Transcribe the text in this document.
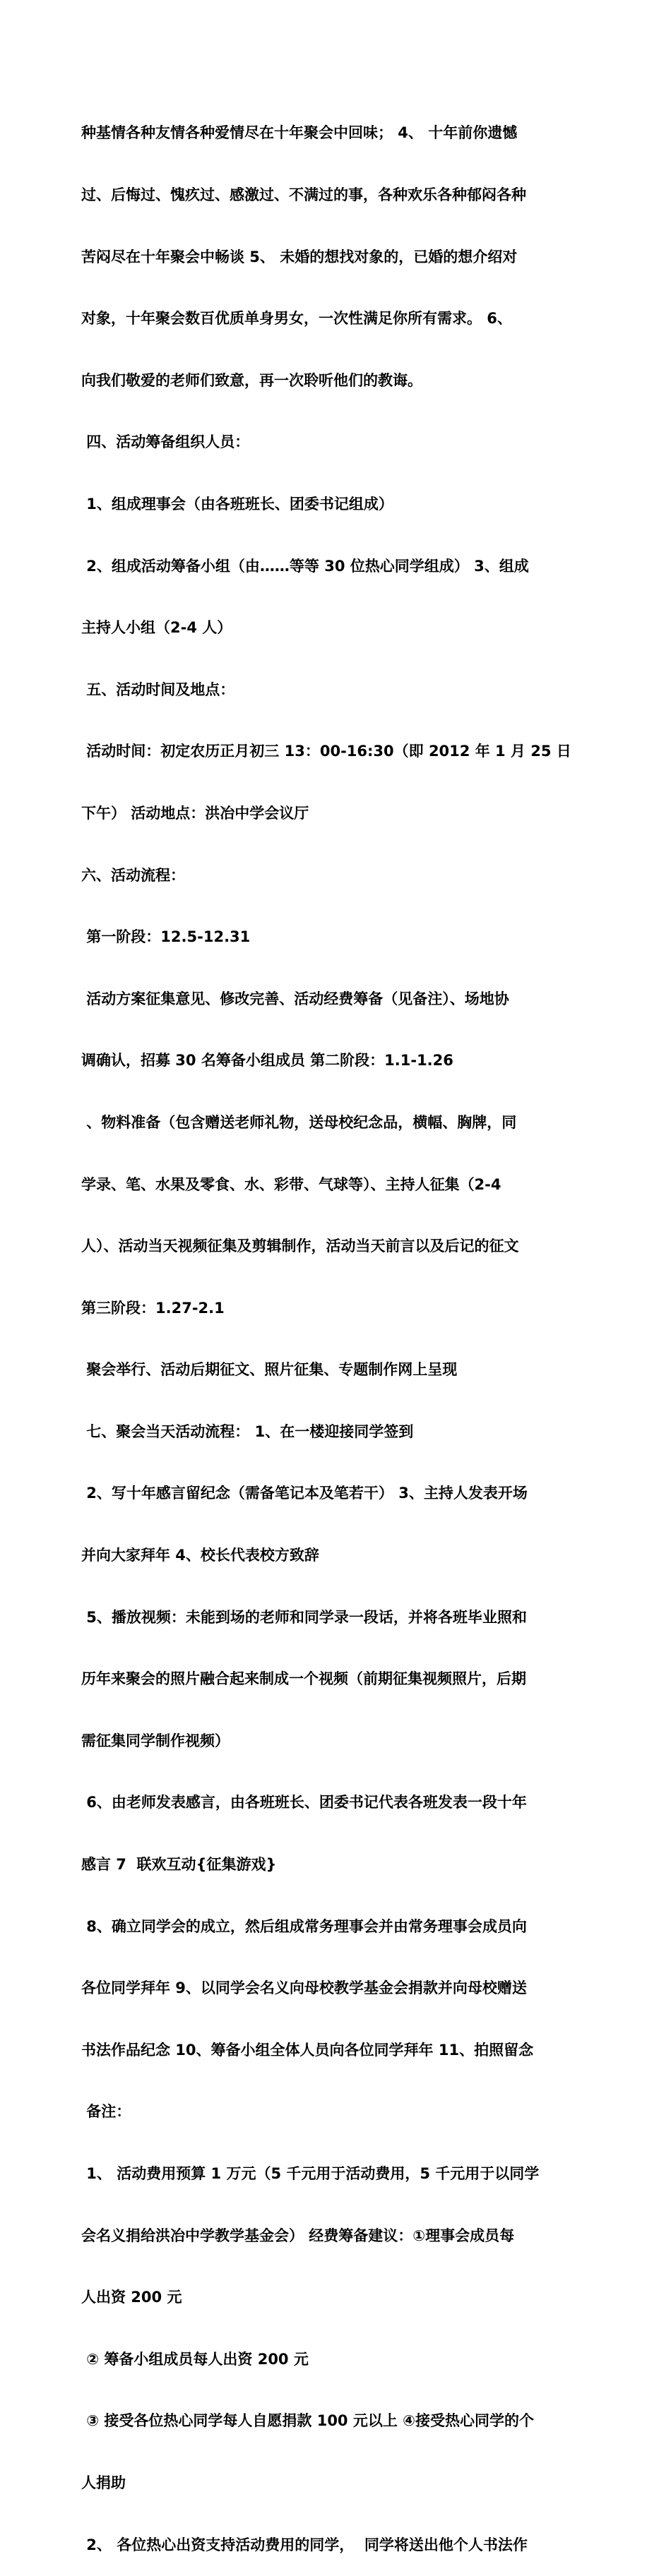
种基情各种友情各种爱情尽在十年聚会中回味； 4、 十年前你遗憾

过、后悔过、愧疚过、感激过、不满过的事，各种欢乐各种郁闷各种

苦闷尽在十年聚会中畅谈 5、 未婚的想找对象的，已婚的想介绍对

对象，十年聚会数百优质单身男女，一次性满足你所有需求。 6、

向我们敬爱的老师们致意，再一次聆听他们的教诲。

四、活动筹备组织人员：

1、组成理事会（由各班班长、团委书记组成）

2、组成活动筹备小组（由……等等 30 位热心同学组成） 3、组成

主持人小组（2-4 人）

五、活动时间及地点：

活动时间：初定农历正月初三 13：00-16:30（即 2012 年 1 月 25 日

下午） 活动地点：洪冶中学会议厅

六、活动流程：

第一阶段：12.5-12.31

活动方案征集意见、修改完善、活动经费筹备（见备注）、场地协

调确认，招募 30 名筹备小组成员 第二阶段：1.1-1.26

、物料准备（包含赠送老师礼物，送母校纪念品，横幅、胸牌，同

学录、笔、水果及零食、水、彩带、气球等）、主持人征集（2-4

人）、活动当天视频征集及剪辑制作，活动当天前言以及后记的征文

第三阶段：1.27-2.1

聚会举行、活动后期征文、照片征集、专题制作网上呈现

七、聚会当天活动流程： 1、在一楼迎接同学签到

2、写十年感言留纪念（需备笔记本及笔若干） 3、主持人发表开场

并向大家拜年 4、校长代表校方致辞

5、播放视频：未能到场的老师和同学录一段话，并将各班毕业照和

历年来聚会的照片融合起来制成一个视频（前期征集视频照片，后期

需征集同学制作视频）

6、由老师发表感言，由各班班长、团委书记代表各班发表一段十年

感言 7  联欢互动{征集游戏}

8、确立同学会的成立，然后组成常务理事会并由常务理事会成员向

各位同学拜年 9、以同学会名义向母校教学基金会捐款并向母校赠送

书法作品纪念 10、筹备小组全体人员向各位同学拜年 11、拍照留念

备注：

1、 活动费用预算 1 万元（5 千元用于活动费用，5 千元用于以同学

会名义捐给洪冶中学教学基金会） 经费筹备建议：①理事会成员每

人出资 200 元

② 筹备小组成员每人出资 200 元

③ 接受各位热心同学每人自愿捐款 100 元以上 ④接受热心同学的个

人捐助

2、 各位热心出资支持活动费用的同学，  同学将送出他个人书法作
